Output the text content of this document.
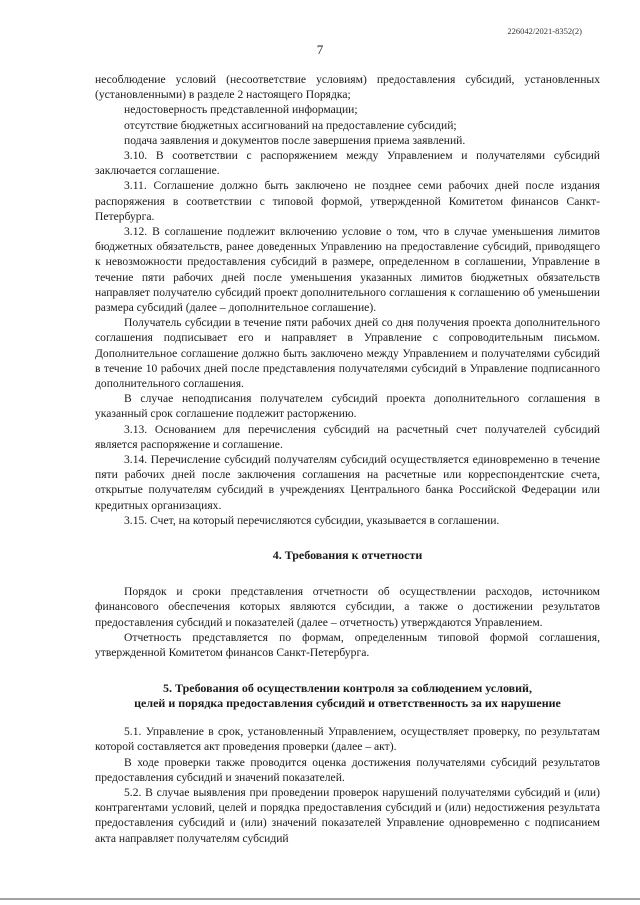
226042/2021-8352(2)
7

несоблюдение условий (несоответствие условиям) предоставления субсидий, установленных (установленными) в разделе 2 настоящего Порядка;

недостоверность представленной информации;

отсутствие бюджетных ассигнований на предоставление субсидий;

подача заявления и документов после завершения приема заявлений.

3.10. В соответствии с распоряжением между Управлением и получателями субсидий заключается соглашение.

3.11. Соглашение должно быть заключено не позднее семи рабочих дней после издания распоряжения в соответствии с типовой формой, утвержденной Комитетом финансов Санкт-Петербурга.

3.12. В соглашение подлежит включению условие о том, что в случае уменьшения лимитов бюджетных обязательств, ранее доведенных Управлению на предоставление субсидий, приводящего к невозможности предоставления субсидий в размере, определенном в соглашении, Управление в течение пяти рабочих дней после уменьшения указанных лимитов бюджетных обязательств направляет получателю субсидий проект дополнительного соглашения к соглашению об уменьшении размера субсидий (далее – дополнительное соглашение).

Получатель субсидии в течение пяти рабочих дней со дня получения проекта дополнительного соглашения подписывает его и направляет в Управление с сопроводительным письмом. Дополнительное соглашение должно быть заключено между Управлением и получателями субсидий в течение 10 рабочих дней после представления получателями субсидий в Управление подписанного дополнительного соглашения.

В случае неподписания получателем субсидий проекта дополнительного соглашения в указанный срок соглашение подлежит расторжению.

3.13. Основанием для перечисления субсидий на расчетный счет получателей субсидий является распоряжение и соглашение.

3.14. Перечисление субсидий получателям субсидий осуществляется единовременно в течение пяти рабочих дней после заключения соглашения на расчетные или корреспондентские счета, открытые получателям субсидий в учреждениях Центрального банка Российской Федерации или кредитных организациях.

3.15. Счет, на который перечисляются субсидии, указывается в соглашении.

4. Требования к отчетности

Порядок и сроки представления отчетности об осуществлении расходов, источником финансового обеспечения которых являются субсидии, а также о достижении результатов предоставления субсидий и показателей (далее – отчетность) утверждаются Управлением.

Отчетность представляется по формам, определенным типовой формой соглашения, утвержденной Комитетом финансов Санкт-Петербурга.

5. Требования об осуществлении контроля за соблюдением условий,
целей и порядка предоставления субсидий и ответственность за их нарушение

5.1. Управление в срок, установленный Управлением, осуществляет проверку, по результатам которой составляется акт проведения проверки (далее – акт).

В ходе проверки также проводится оценка достижения получателями субсидий результатов предоставления субсидий и значений показателей.

5.2. В случае выявления при проведении проверок нарушений получателями субсидий и (или) контрагентами условий, целей и порядка предоставления субсидий и (или) недостижения результата предоставления субсидий и (или) значений показателей Управление одновременно с подписанием акта направляет получателям субсидий
